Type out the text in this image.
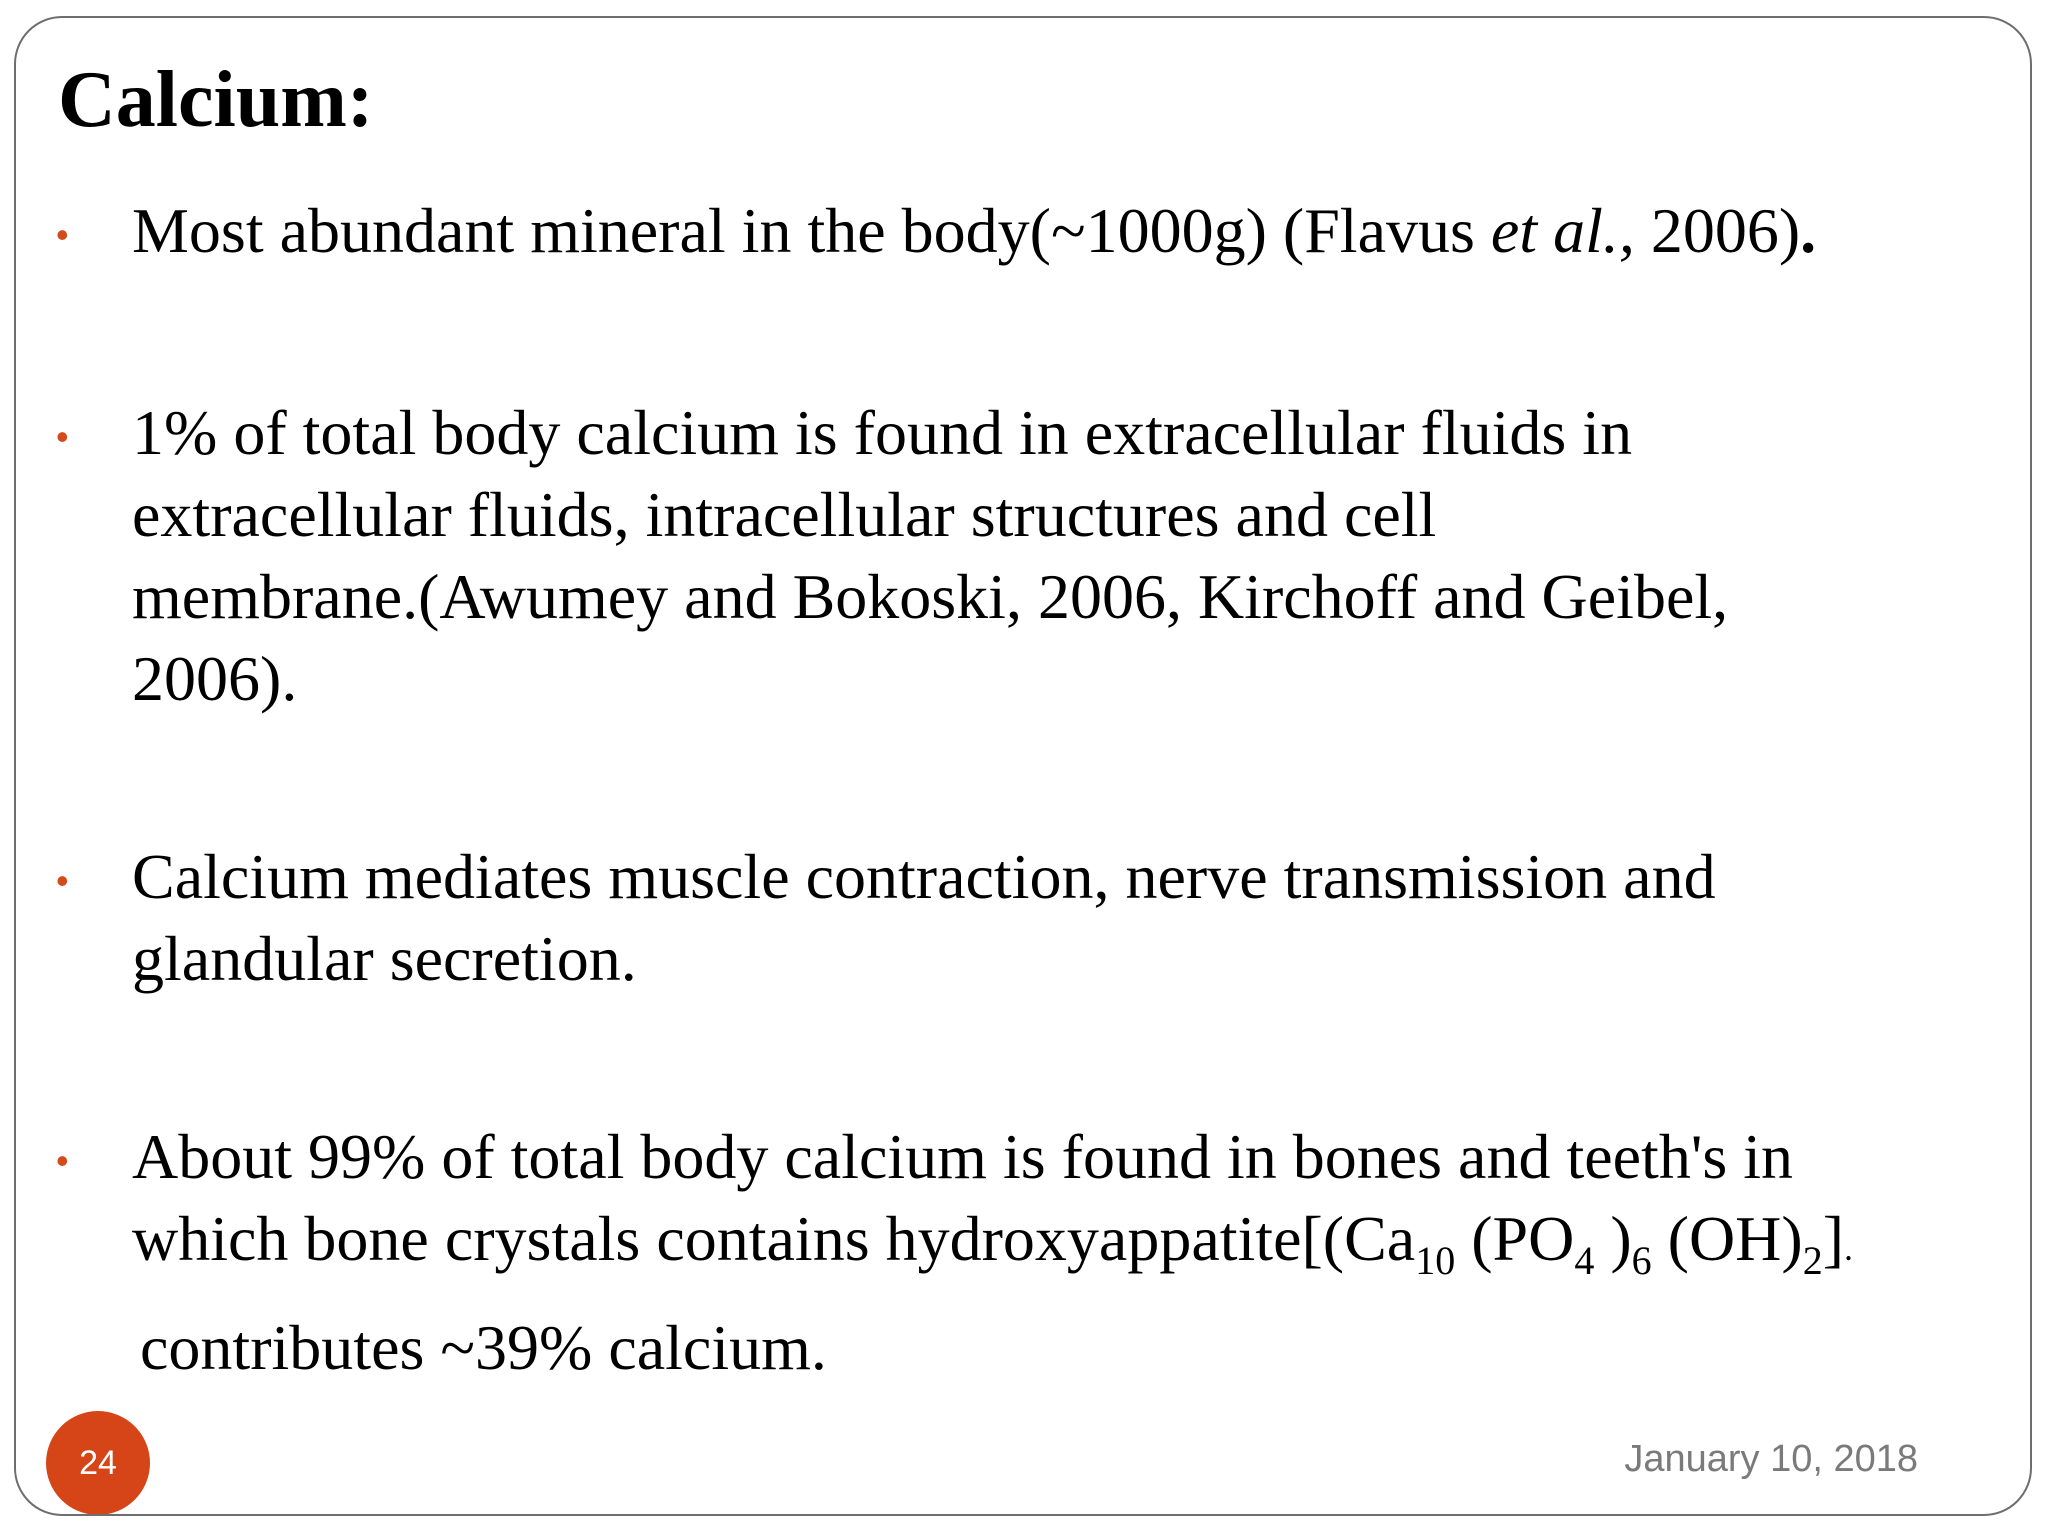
Calcium:
• Most abundant mineral in the body(~1000g) (Flavus et al., 2006).
• 1% of total body calcium is found in extracellular fluids in
extracellular fluids, intracellular structures and cell
membrane.(Awumey and Bokoski, 2006, Kirchoff and Geibel,
2006).
• Calcium mediates muscle contraction, nerve transmission and
glandular secretion.
• About 99% of total body calcium is found in bones and teeth's in
which bone crystals contains $hydroxyappatite[(Ca_{10}$ ($PO_4$ )$_6$ $(OH)_2$].
contributes ~39% calcium.
24	January 10, 2018
